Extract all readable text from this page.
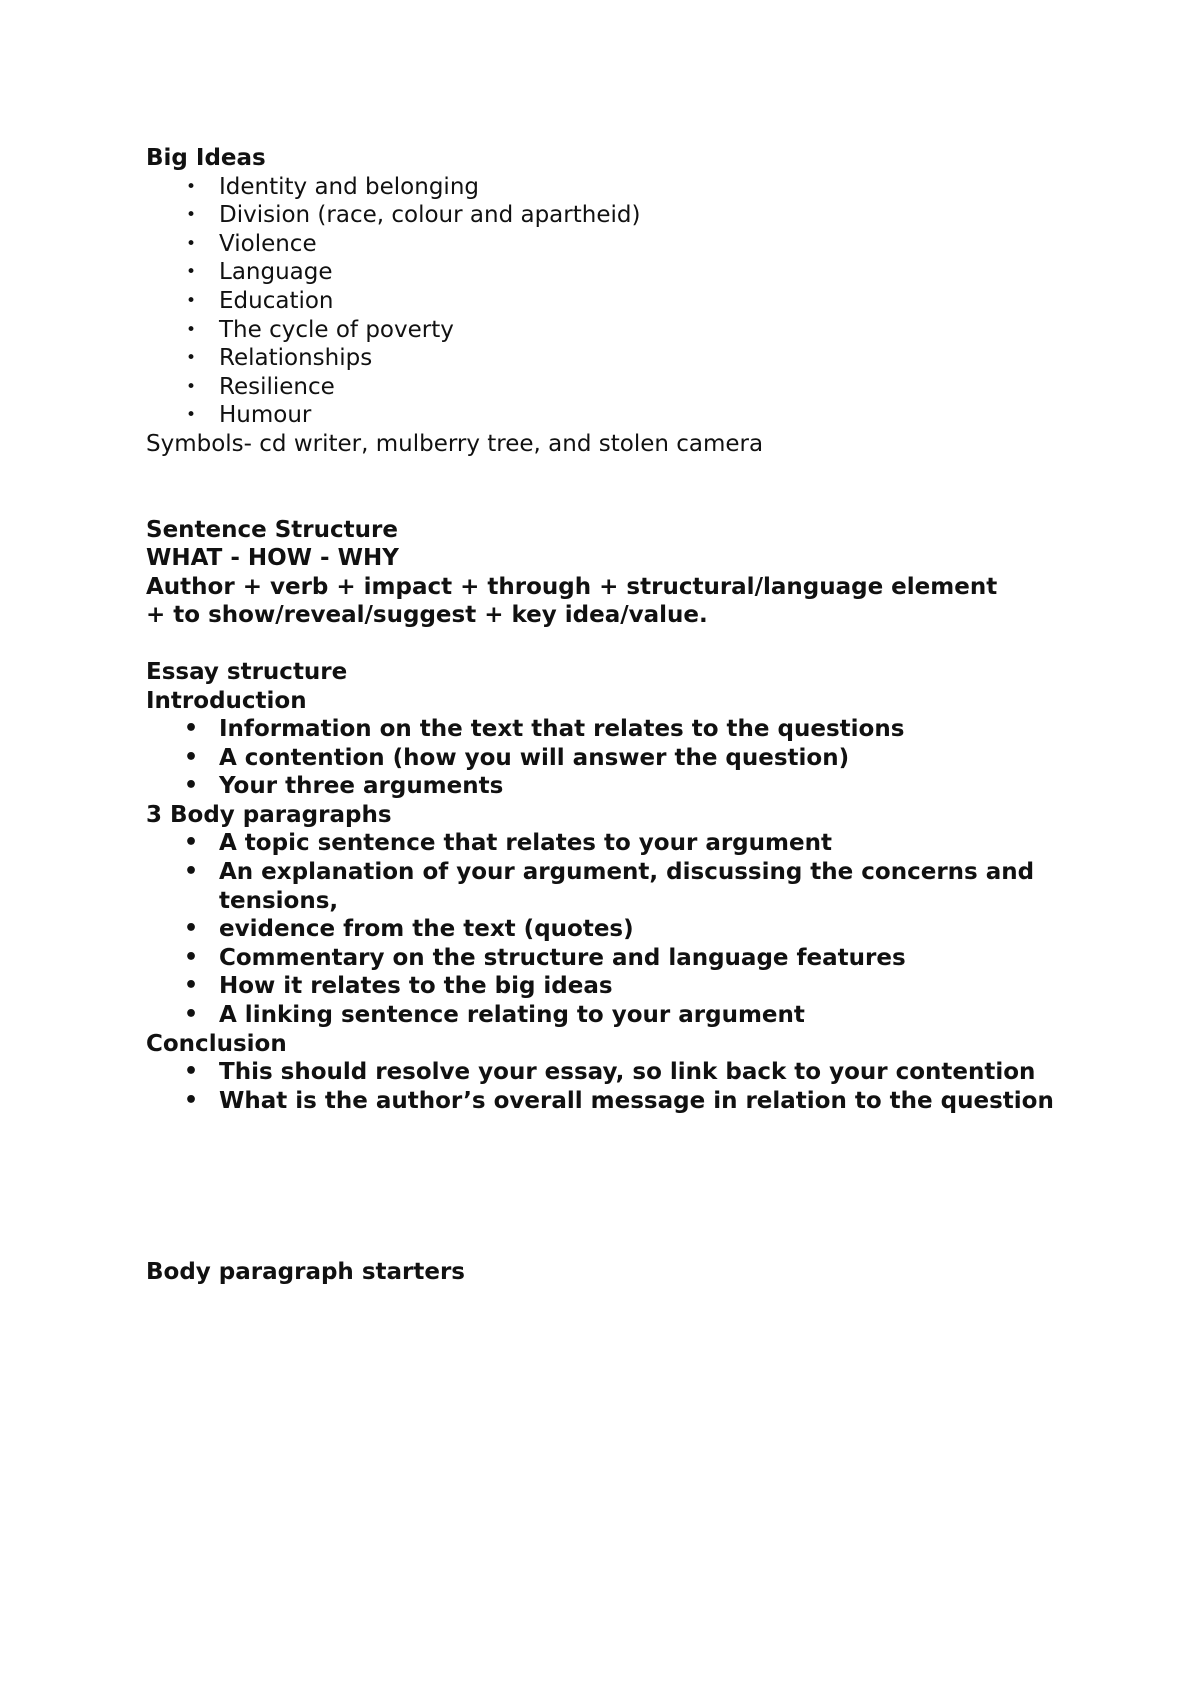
Big Ideas
• Identity and belonging
• Division (race, colour and apartheid)
• Violence
• Language
• Education
• The cycle of poverty
• Relationships
• Resilience
• Humour
Symbols- cd writer, mulberry tree, and stolen camera
Sentence Structure
WHAT - HOW - WHY
Author + verb + impact + through + structural/language element
+ to show/reveal/suggest + key idea/value.
Essay structure
Introduction
• Information on the text that relates to the questions
• A contention (how you will answer the question)
• Your three arguments
3 Body paragraphs
• A topic sentence that relates to your argument
• An explanation of your argument, discussing the concerns and tensions,
• evidence from the text (quotes)
• Commentary on the structure and language features
• How it relates to the big ideas
• A linking sentence relating to your argument
Conclusion
• This should resolve your essay, so link back to your contention
• What is the author’s overall message in relation to the question
Body paragraph starters
